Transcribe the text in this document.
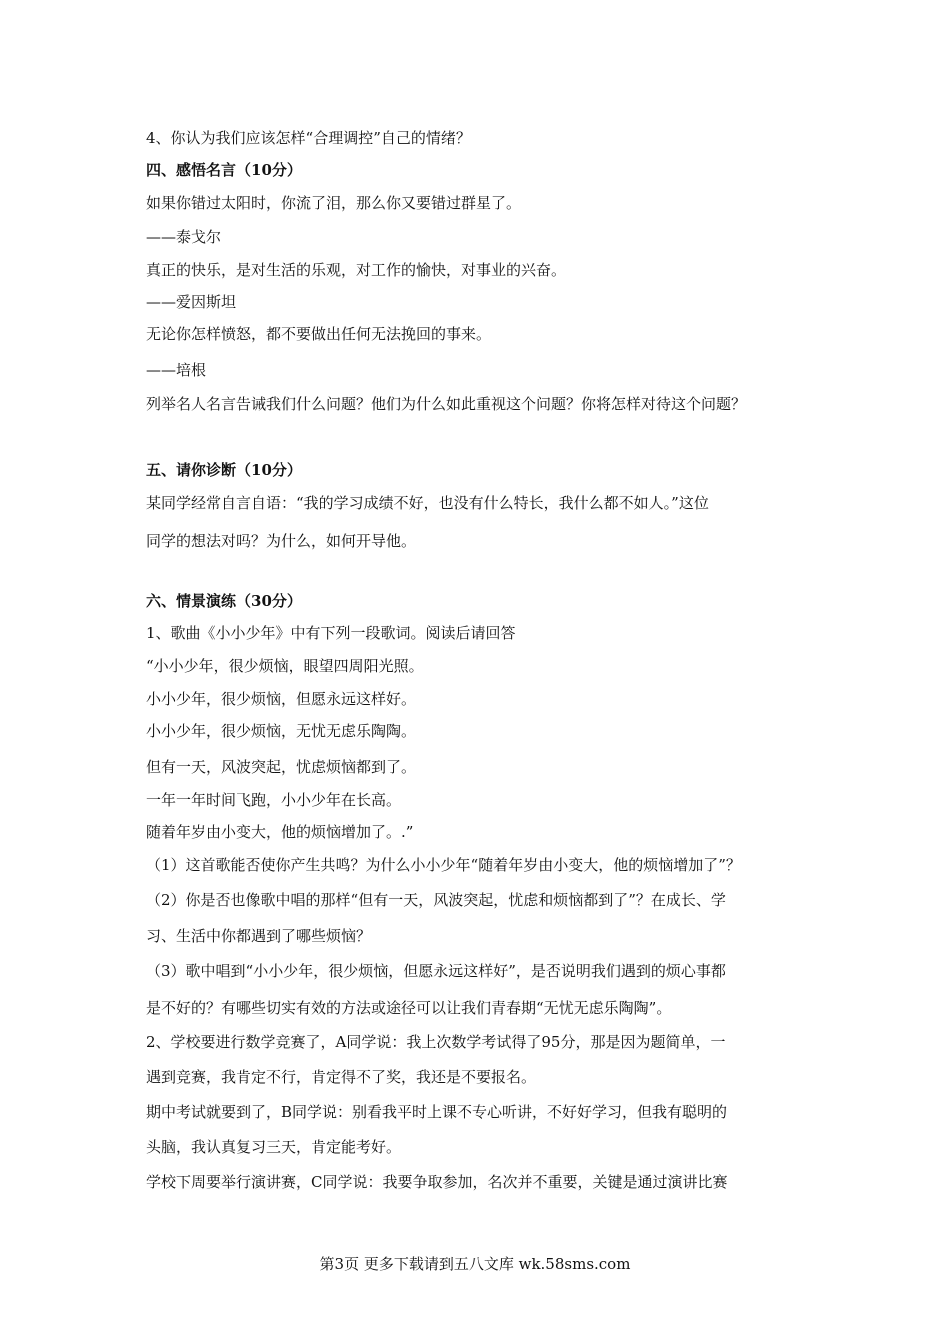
4、你认为我们应该怎样“合理调控”自己的情绪？
四、感悟名言（10分）
如果你错过太阳时，你流了泪，那么你又要错过群星了。
——泰戈尔
真正的快乐，是对生活的乐观，对工作的愉快，对事业的兴奋。
——爱因斯坦
无论你怎样愤怒，都不要做出任何无法挽回的事来。
——培根
列举名人名言告诫我们什么问题？他们为什么如此重视这个问题？你将怎样对待这个问题？
五、请你诊断（10分）
某同学经常自言自语：“我的学习成绩不好，也没有什么特长，我什么都不如人。”这位
同学的想法对吗？为什么，如何开导他。
六、情景演练（30分）
1、歌曲《小小少年》中有下列一段歌词。阅读后请回答
“小小少年，很少烦恼，眼望四周阳光照。
小小少年，很少烦恼，但愿永远这样好。
小小少年，很少烦恼，无忧无虑乐陶陶。
但有一天，风波突起，忧虑烦恼都到了。
一年一年时间飞跑，小小少年在长高。
随着年岁由小变大，他的烦恼增加了。.”
（1）这首歌能否使你产生共鸣？为什么小小少年“随着年岁由小变大，他的烦恼增加了”？
（2）你是否也像歌中唱的那样“但有一天，风波突起，忧虑和烦恼都到了”？在成长、学
习、生活中你都遇到了哪些烦恼？
（3）歌中唱到“小小少年，很少烦恼，但愿永远这样好”，是否说明我们遇到的烦心事都
是不好的？有哪些切实有效的方法或途径可以让我们青春期“无忧无虑乐陶陶”。
2、学校要进行数学竞赛了，A同学说：我上次数学考试得了95分，那是因为题简单，一
遇到竞赛，我肯定不行，肯定得不了奖，我还是不要报名。
期中考试就要到了，B同学说：别看我平时上课不专心听讲，不好好学习，但我有聪明的
头脑，我认真复习三天，肯定能考好。
学校下周要举行演讲赛，C同学说：我要争取参加，名次并不重要，关键是通过演讲比赛
第3页 更多下载请到五八文库 wk.58sms.com
